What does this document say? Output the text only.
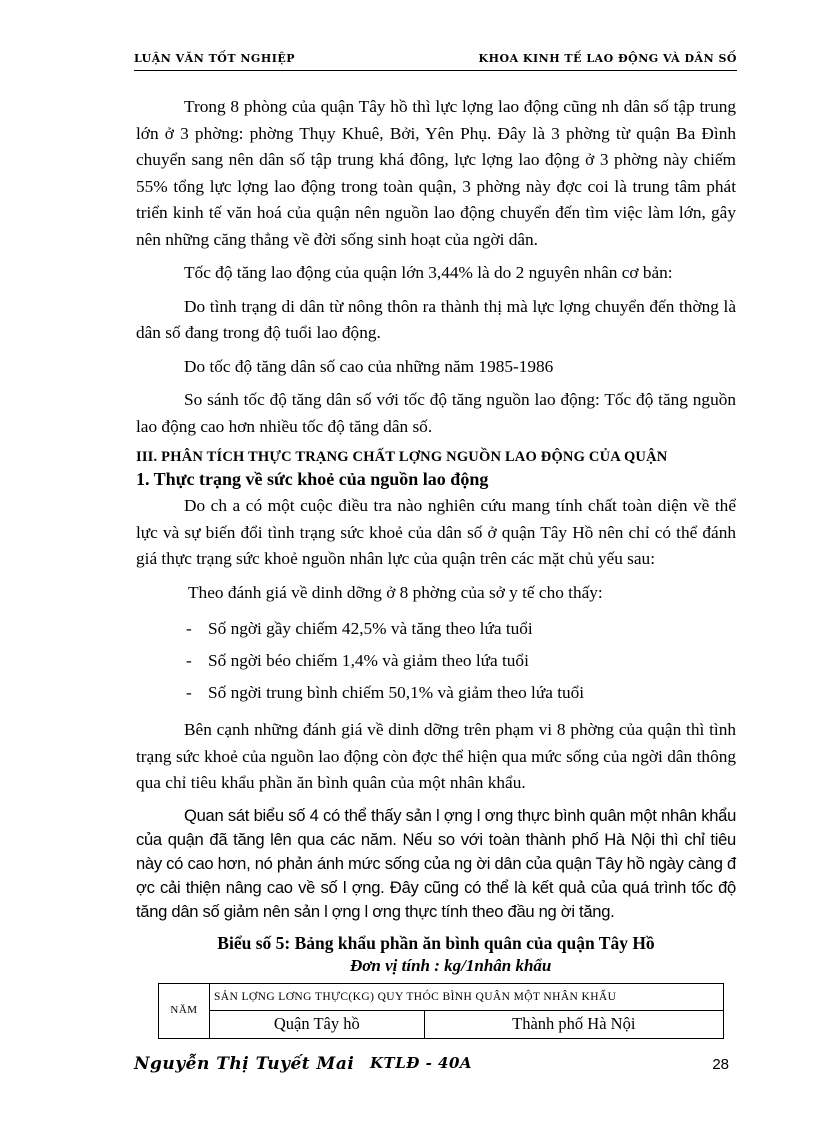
LUẬN VĂN TỐT NGHIỆP	KHOA KINH TẾ LAO ĐỘNG VÀ DÂN SỐ

Trong 8 phòng của quận Tây hồ thì lực lợng lao động cũng nh dân số tập trung lớn ở 3 phờng: phờng Thụy Khuê, Bởi, Yên Phụ. Đây là 3 phờng từ quận Ba Đình chuyển sang nên dân số tập trung khá đông, lực lợng lao động ở 3 phờng này chiếm 55% tổng lực lợng lao động trong toàn quận, 3 phờng này đợc coi là trung tâm phát triển kinh tế văn hoá của quận nên nguồn lao động chuyển đến tìm việc làm lớn, gây nên những căng thẳng về đời sống sinh hoạt của ngời dân.

Tốc độ tăng lao động của quận lớn 3,44% là do 2 nguyên nhân cơ bản:

Do tình trạng di dân từ nông thôn ra thành thị mà lực lợng chuyển đến thờng là dân số đang trong độ tuổi lao động.

Do tốc độ tăng dân số cao của những năm 1985-1986

So sánh tốc độ tăng dân số với tốc độ tăng nguồn lao động: Tốc độ tăng nguồn lao động cao hơn nhiều tốc độ tăng dân số.

III. PHÂN TÍCH THỰC TRẠNG CHẤT LỢNG NGUỒN LAO ĐỘNG CỦA QUẬN
1. Thực trạng về sức khoẻ của nguồn lao động

Do ch a có một cuộc điều tra nào nghiên cứu mang tính chất toàn diện về thể lực và sự biến đổi tình trạng sức khoẻ của dân số ở quận Tây Hồ nên chỉ có thể đánh giá thực trạng sức khoẻ nguồn nhân lực của quận trên các mặt chủ yếu sau:

Theo đánh giá về dinh dỡng ở 8 phờng của sở y tế cho thấy:

- Số ngời gầy chiếm 42,5% và tăng theo lứa tuổi
- Số ngời béo chiếm 1,4% và giảm theo lứa tuổi
- Số ngời trung bình chiếm 50,1% và giảm theo lứa tuổi

Bên cạnh những đánh giá về dinh dỡng trên phạm vi 8 phờng của quận thì tình trạng sức khoẻ của nguồn lao động còn đợc thể hiện qua mức sống của ngời dân thông qua chỉ tiêu khẩu phần ăn bình quân của một nhân khẩu.

Quan sát biểu số 4 có thể thấy sản l ợng l ơng thực bình quân một nhân khẩu của quận đã tăng lên qua các năm. Nếu so với toàn thành phố Hà Nội thì chỉ tiêu này có cao hơn, nó phản ánh mức sống của ng ời dân của quận Tây hồ ngày càng đ ợc cải thiện nâng cao về số l ợng. Đây cũng có thể là kết quả của quá trình tốc độ tăng dân số giảm nên sản l ợng l ơng thực tính theo đầu ng ời tăng.

Biểu số 5: Bảng khẩu phần ăn bình quân của quận Tây Hồ
Đơn vị tính : kg/1nhân khẩu
NĂM	SẢN LỢNG LƠNG THỰC(KG) QUY THÓC BÌNH QUÂN MỘT NHÂN KHẨU	
	Quận Tây hồ	Thành phố Hà Nội
Nguyễn Thị Tuyết Mai KTLĐ - 40A	28
